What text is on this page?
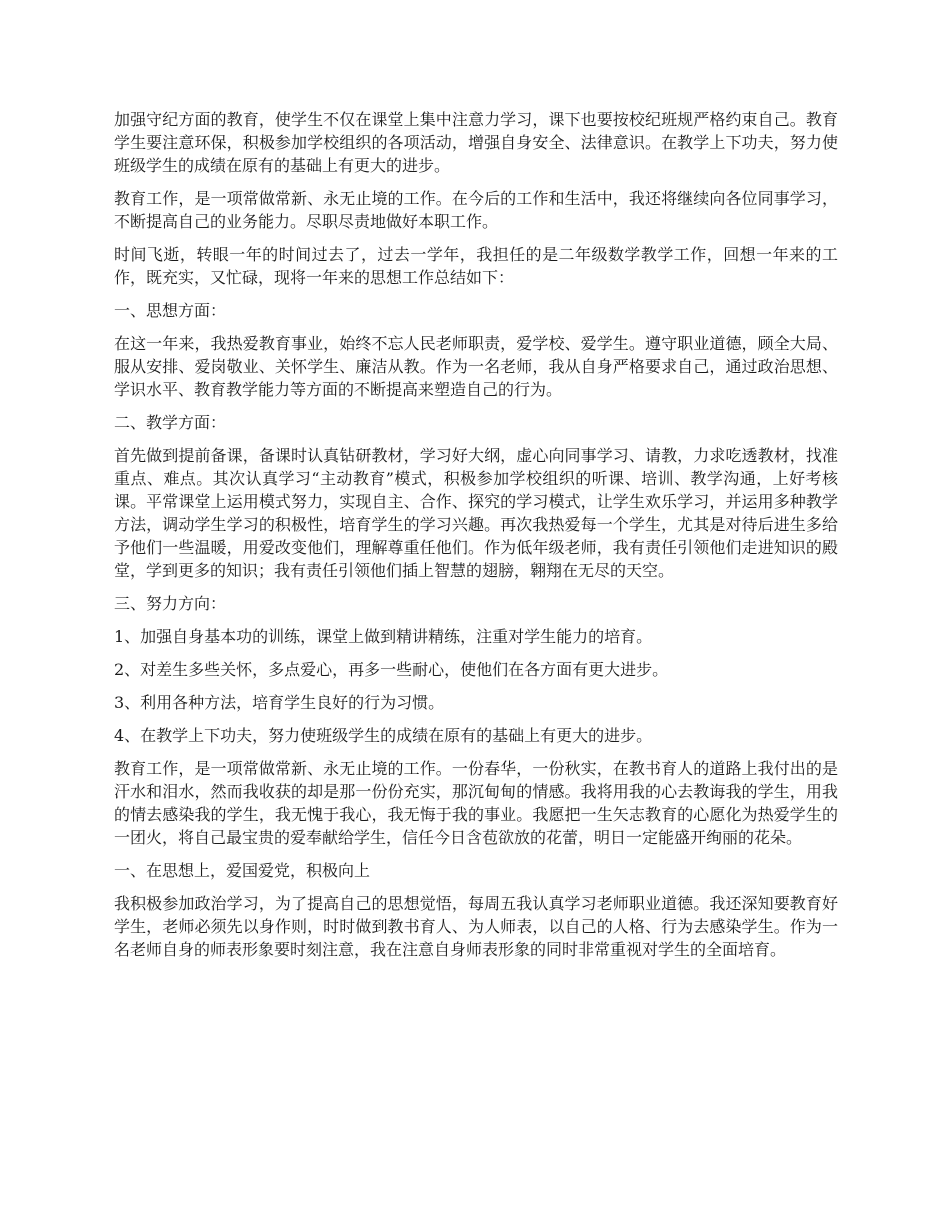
加强守纪方面的教育，使学生不仅在课堂上集中注意力学习，课下也要按校纪班规严格约束自己。教育学生要注意环保，积极参加学校组织的各项活动，增强自身安全、法律意识。在教学上下功夫，努力使班级学生的成绩在原有的基础上有更大的进步。

教育工作，是一项常做常新、永无止境的工作。在今后的工作和生活中，我还将继续向各位同事学习，不断提高自己的业务能力。尽职尽责地做好本职工作。

时间飞逝，转眼一年的时间过去了，过去一学年，我担任的是二年级数学教学工作，回想一年来的工作，既充实，又忙碌，现将一年来的思想工作总结如下：

一、思想方面：

在这一年来，我热爱教育事业，始终不忘人民老师职责，爱学校、爱学生。遵守职业道德，顾全大局、服从安排、爱岗敬业、关怀学生、廉洁从教。作为一名老师，我从自身严格要求自己，通过政治思想、学识水平、教育教学能力等方面的不断提高来塑造自己的行为。

二、教学方面：

首先做到提前备课，备课时认真钻研教材，学习好大纲，虚心向同事学习、请教，力求吃透教材，找准重点、难点。其次认真学习“主动教育”模式，积极参加学校组织的听课、培训、教学沟通，上好考核课。平常课堂上运用模式努力，实现自主、合作、探究的学习模式，让学生欢乐学习，并运用多种教学方法，调动学生学习的积极性，培育学生的学习兴趣。再次我热爱每一个学生，尤其是对待后进生多给予他们一些温暖，用爱改变他们，理解尊重任他们。作为低年级老师，我有责任引领他们走进知识的殿堂，学到更多的知识；我有责任引领他们插上智慧的翅膀，翱翔在无尽的天空。

三、努力方向：

1、加强自身基本功的训练，课堂上做到精讲精练，注重对学生能力的培育。

2、对差生多些关怀，多点爱心，再多一些耐心，使他们在各方面有更大进步。

3、利用各种方法，培育学生良好的行为习惯。

4、在教学上下功夫，努力使班级学生的成绩在原有的基础上有更大的进步。

教育工作，是一项常做常新、永无止境的工作。一份春华，一份秋实，在教书育人的道路上我付出的是汗水和泪水，然而我收获的却是那一份份充实，那沉甸甸的情感。我将用我的心去教诲我的学生，用我的情去感染我的学生，我无愧于我心，我无悔于我的事业。我愿把一生矢志教育的心愿化为热爱学生的一团火，将自己最宝贵的爱奉献给学生，信任今日含苞欲放的花蕾，明日一定能盛开绚丽的花朵。

一、在思想上，爱国爱党，积极向上

我积极参加政治学习，为了提高自己的思想觉悟，每周五我认真学习老师职业道德。我还深知要教育好学生，老师必须先以身作则，时时做到教书育人、为人师表，以自己的人格、行为去感染学生。作为一名老师自身的师表形象要时刻注意，我在注意自身师表形象的同时非常重视对学生的全面培育。
